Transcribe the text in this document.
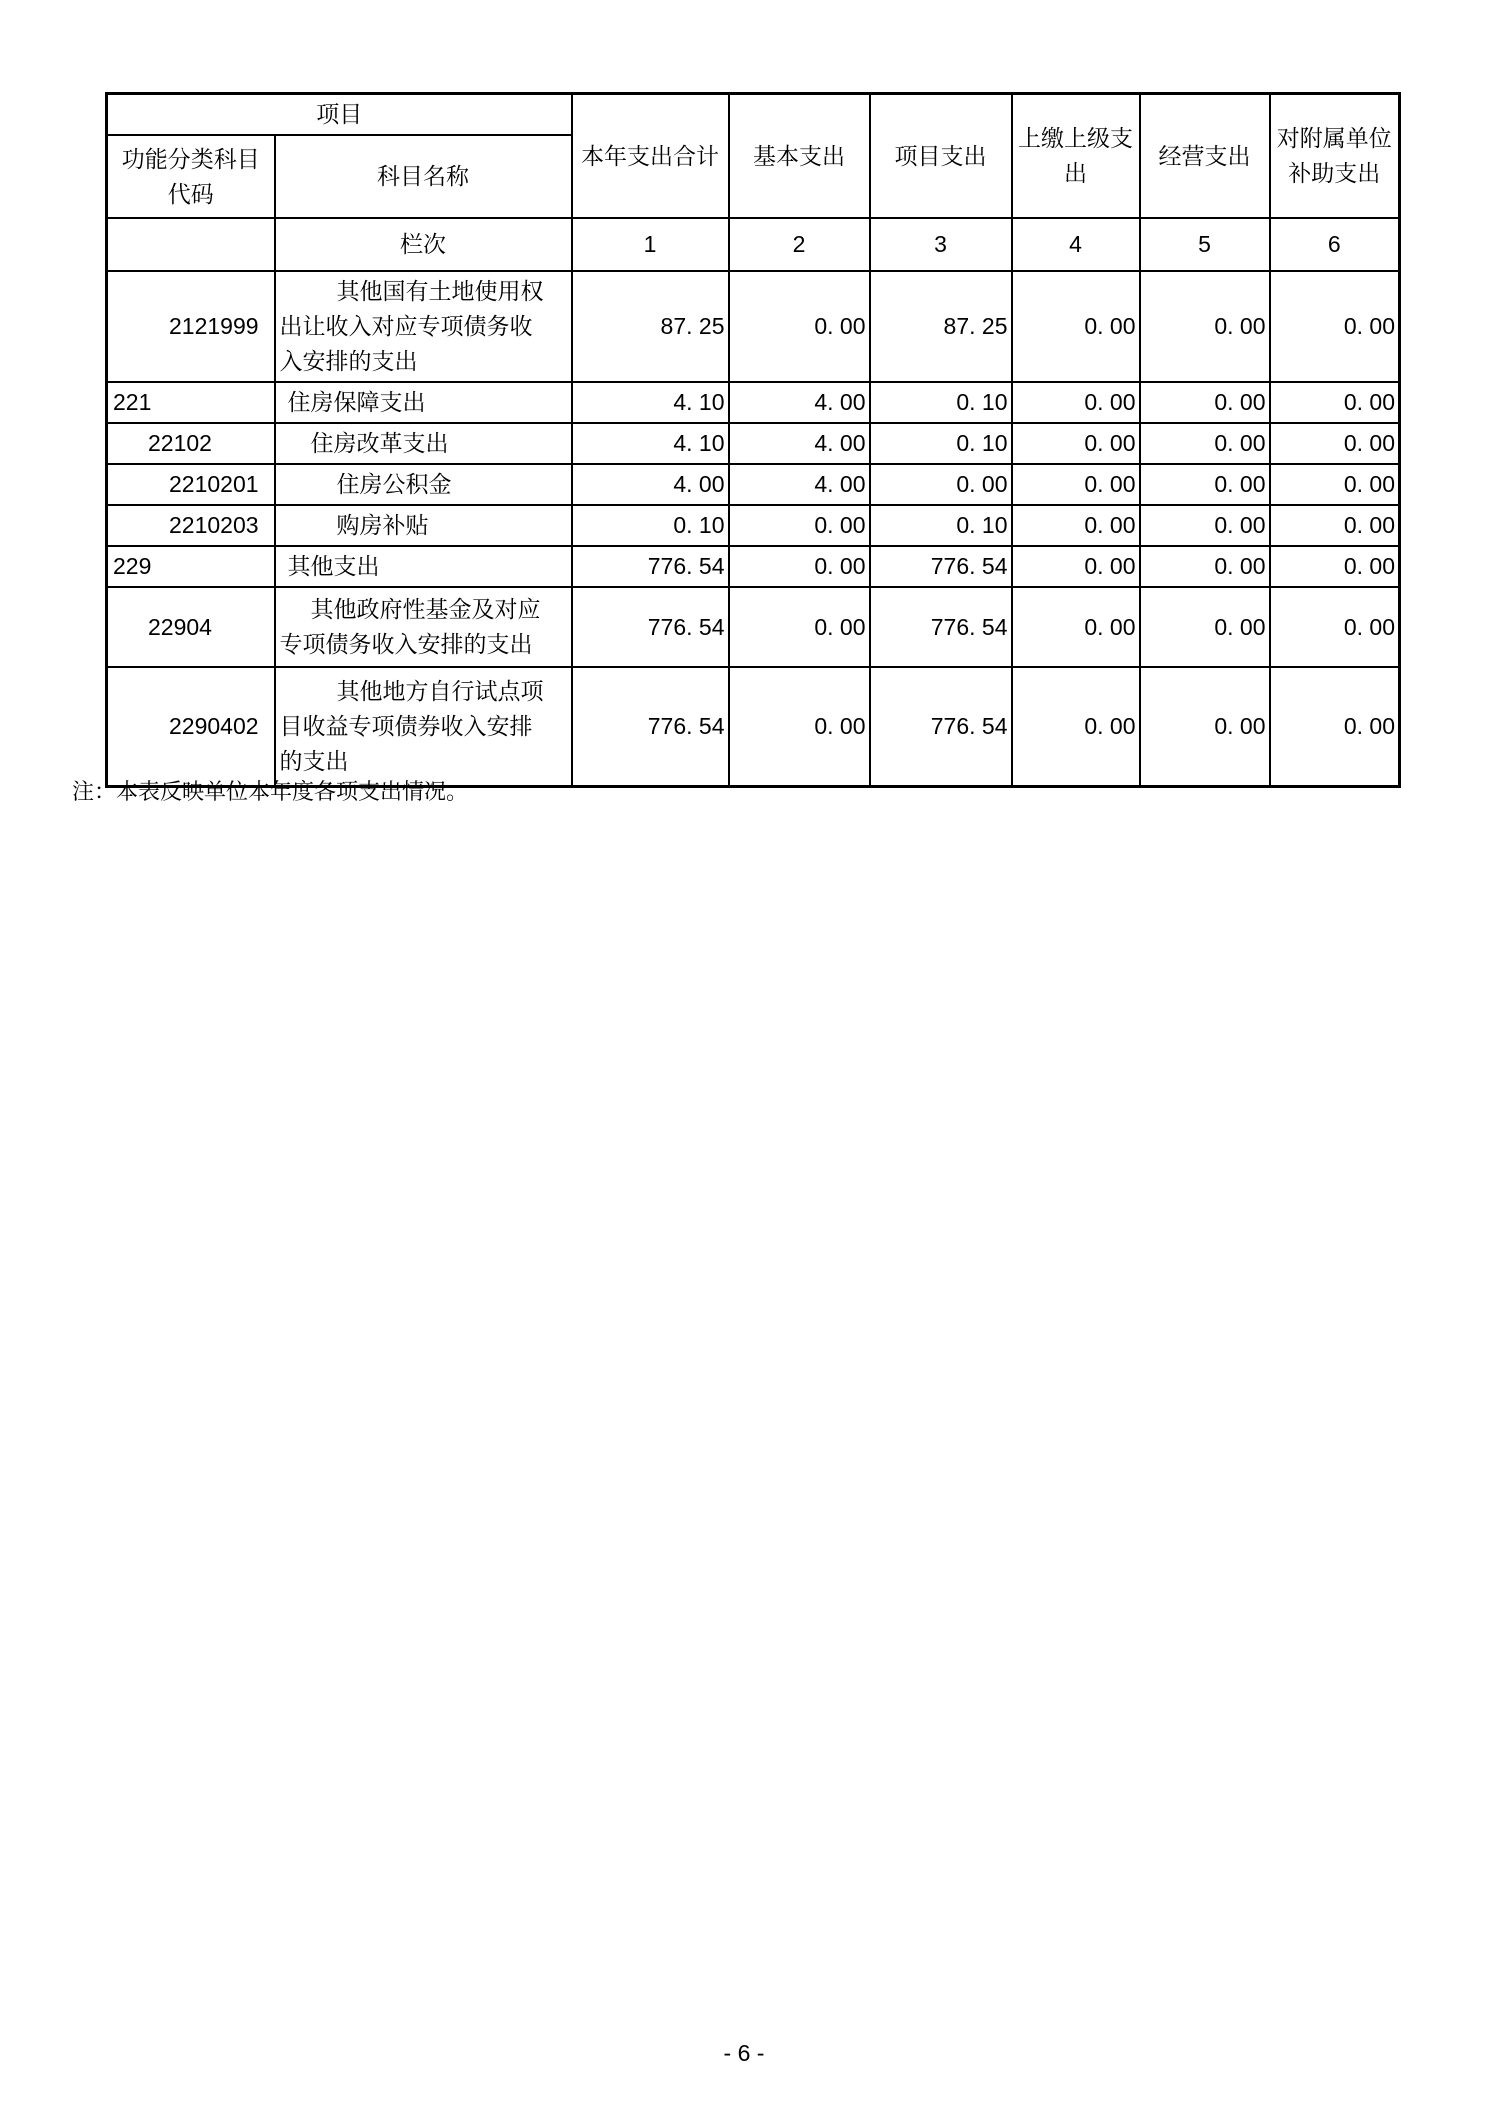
项目		本年支出合计	基本支出	项目支出	上缴上级支出	经营支出	对附属单位补助支出
功能分类科目代码	科目名称						
	栏次	1	2	3	4	5	6
2121999	其他国有土地使用权出让收入对应专项债务收入安排的支出	87. 25	0. 00	87. 25	0. 00	0. 00	0. 00
221	住房保障支出	4. 10	4. 00	0. 10	0. 00	0. 00	0. 00
22102	住房改革支出	4. 10	4. 00	0. 10	0. 00	0. 00	0. 00
2210201	住房公积金	4. 00	4. 00	0. 00	0. 00	0. 00	0. 00
2210203	购房补贴	0. 10	0. 00	0. 10	0. 00	0. 00	0. 00
229	其他支出	776. 54	0. 00	776. 54	0. 00	0. 00	0. 00
22904	其他政府性基金及对应专项债务收入安排的支出	776. 54	0. 00	776. 54	0. 00	0. 00	0. 00
2290402	其他地方自行试点项目收益专项债券收入安排的支出	776. 54	0. 00	776. 54	0. 00	0. 00	0. 00
注：本表反映单位本年度各项支出情况。
- 6 -
